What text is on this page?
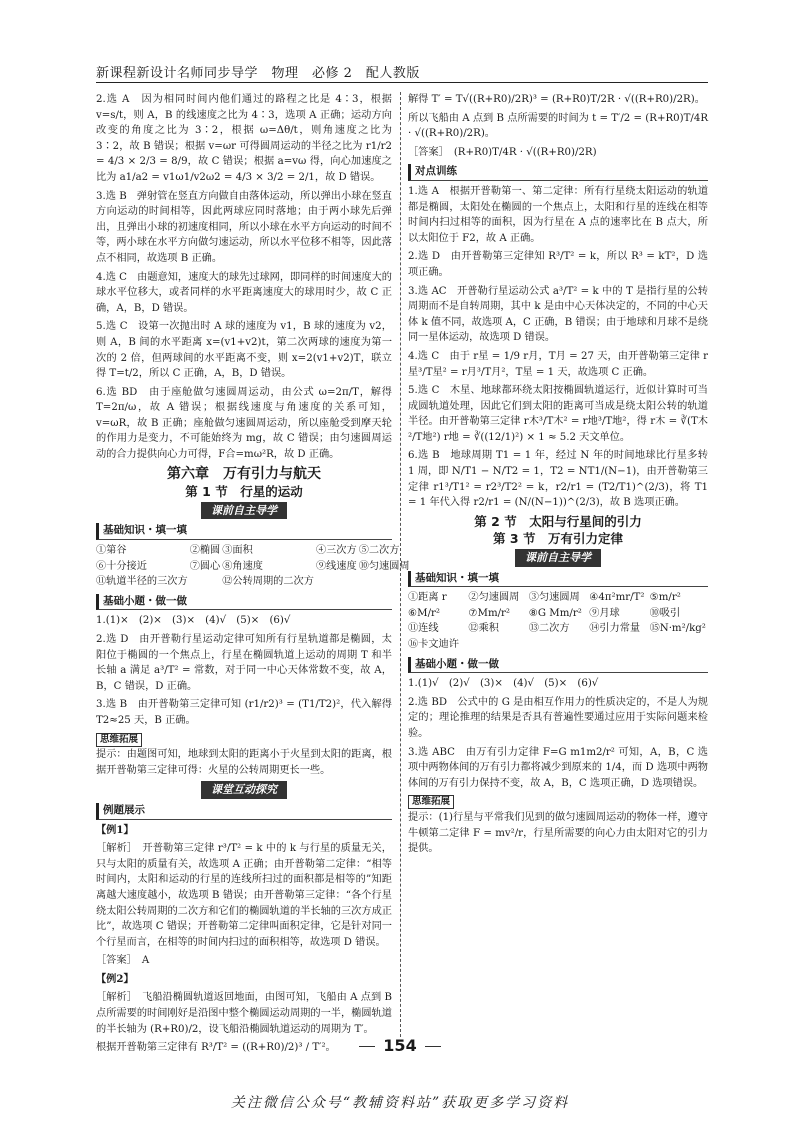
新课程新设计名师同步导学　物理　必修 2　配人教版

2.选 A　因为相同时间内他们通过的路程之比是 4∶3，根据 v=s/t，则 A，B 的线速度之比为 4∶3，选项 A 正确；运动方向改变的角度之比为 3∶2，根据 ω=Δθ/t，则角速度之比为 3∶2，故 B 错误；根据 v=ωr 可得圆周运动的半径之比为 r1/r2 = 4/3 × 2/3 = 8/9，故 C 错误；根据 a=vω 得，向心加速度之比为 a1/a2 = v1ω1/v2ω2 = 4/3 × 3/2 = 2/1，故 D 错误。

3.选 B　弹射管在竖直方向做自由落体运动，所以弹出小球在竖直方向运动的时间相等，因此两球应同时落地；由于两小球先后弹出，且弹出小球的初速度相同，所以小球在水平方向运动的时间不等，两小球在水平方向做匀速运动，所以水平位移不相等，因此落点不相同，故选项 B 正确。

4.选 C　由题意知，速度大的球先过球网，即同样的时间速度大的球水平位移大，或者同样的水平距离速度大的球用时少，故 C 正确，A，B，D 错误。

5.选 C　设第一次抛出时 A 球的速度为 v1，B 球的速度为 v2，则 A，B 间的水平距离 x=(v1+v2)t，第二次两球的速度为第一次的 2 倍，但两球间的水平距离不变，则 x=2(v1+v2)T，联立得 T=t/2，所以 C 正确，A，B，D 错误。

6.选 BD　由于座舱做匀速圆周运动，由公式 ω=2π/T，解得 T=2π/ω，故 A 错误；根据线速度与角速度的关系可知，v=ωR，故 B 正确；座舱做匀速圆周运动，所以座舱受到摩天轮的作用力是变力，不可能始终为 mg，故 C 错误；由匀速圆周运动的合力提供向心力可得，F合=mω²R，故 D 正确。

第六章　万有引力与航天
第 1 节　行星的运动
课前自主导学
基础知识・填一填
①第谷	②椭圆 ③面积	④三次方 ⑤二次方
⑥十分接近	⑦圆心 ⑧角速度	⑨线速度 ⑩匀速圆周
⑪轨道半径的三次方	⑫公转周期的二次方
基础小题・做一做

1.(1)×　(2)×　(3)×　(4)√　(5)×　(6)√

2.选 D　由开普勒行星运动定律可知所有行星轨道都是椭圆，太阳位于椭圆的一个焦点上，行星在椭圆轨道上运动的周期 T 和半长轴 a 满足 a³/T² = 常数，对于同一中心天体常数不变，故 A，B，C 错误，D 正确。

3.选 B　由开普勒第三定律可知 (r1/r2)³ = (T1/T2)²，代入解得 T2≈25 天，B 正确。

思维拓展

提示：由题图可知，地球到太阳的距离小于火星到太阳的距离，根据开普勒第三定律可得：火星的公转周期更长一些。

课堂互动探究
例题展示

【例1】

［解析］　开普勒第三定律 r³/T² = k 中的 k 与行星的质量无关，只与太阳的质量有关，故选项 A 正确；由开普勒第二定律：“相等时间内，太阳和运动的行星的连线所扫过的面积都是相等的”知距离越大速度越小，故选项 B 错误；由开普勒第三定律：“各个行星绕太阳公转周期的二次方和它们的椭圆轨道的半长轴的三次方成正比”，故选项 C 错误；开普勒第二定律叫面积定律，它是针对同一个行星而言，在相等的时间内扫过的面积相等，故选项 D 错误。

［答案］　A

【例2】

［解析］　飞船沿椭圆轨道返回地面，由图可知，飞船由 A 点到 B 点所需要的时间刚好是沿图中整个椭圆运动周期的一半，椭圆轨道的半长轴为 (R+R0)/2，设飞船沿椭圆轨道运动的周期为 T′。

根据开普勒第三定律有 R³/T² = ((R+R0)/2)³ / T′²。

解得 T′ = T√((R+R0)/2R)³ = (R+R0)T/2R · √((R+R0)/2R)。

所以飞船由 A 点到 B 点所需要的时间为 t = T′/2 = (R+R0)T/4R · √((R+R0)/2R)。

［答案］　(R+R0)T/4R · √((R+R0)/2R)

对点训练

1.选 A　根据开普勒第一、第二定律：所有行星绕太阳运动的轨道都是椭圆，太阳处在椭圆的一个焦点上，太阳和行星的连线在相等时间内扫过相等的面积，因为行星在 A 点的速率比在 B 点大，所以太阳位于 F2，故 A 正确。

2.选 D　由开普勒第三定律知 R³/T² = k，所以 R³ = kT²，D 选项正确。

3.选 AC　开普勒行星运动公式 a³/T² = k 中的 T 是指行星的公转周期而不是自转周期，其中 k 是由中心天体决定的，不同的中心天体 k 值不同，故选项 A，C 正确，B 错误；由于地球和月球不是绕同一星体运动，故选项 D 错误。

4.选 C　由于 r星 = 1/9 r月，T月 = 27 天，由开普勒第三定律 r星³/T星² = r月³/T月²，T星 = 1 天，故选项 C 正确。

5.选 C　木星、地球都环绕太阳按椭圆轨道运行，近似计算时可当成圆轨道处理，因此它们到太阳的距离可当成是绕太阳公转的轨道半径。由开普勒第三定律 r木³/T木² = r地³/T地²，得 r木 = ∛(T木²/T地²) r地 = ∛((12/1)²) × 1 ≈ 5.2 天文单位。

6.选 B　地球周期 T1 = 1 年，经过 N 年的时间地球比行星多转 1 周，即 N/T1 − N/T2 = 1，T2 = NT1/(N−1)，由开普勒第三定律 r1³/T1² = r2³/T2² = k，r2/r1 = (T2/T1)^(2/3)，将 T1 = 1 年代入得 r2/r1 = (N/(N−1))^(2/3)，故 B 选项正确。

第 2 节　太阳与行星间的引力
第 3 节　万有引力定律
课前自主导学
基础知识・填一填
①距离 r	②匀速圆周 ③匀速圆周 ④4π²mr/T² ⑤m/r²
⑥M/r²	⑦Mm/r²	⑧G Mm/r² ⑨月球	⑩吸引
⑪连线	⑫乘积	⑬二次方	⑭引力常量 ⑮N·m²/kg²
⑯卡文迪许
基础小题・做一做

1.(1)√　(2)√　(3)×　(4)√　(5)×　(6)√

2.选 BD　公式中的 G 是由相互作用力的性质决定的，不是人为规定的；理论推理的结果是否具有普遍性要通过应用于实际问题来检验。

3.选 ABC　由万有引力定律 F=G m1m2/r² 可知，A，B，C 选项中两物体间的万有引力都将减少到原来的 1/4，而 D 选项中两物体间的万有引力保持不变，故 A，B，C 选项正确，D 选项错误。

思维拓展

提示：(1)行星与平常我们见到的做匀速圆周运动的物体一样，遵守牛顿第二定律 F = mv²/r，行星所需要的向心力由太阳对它的引力提供。

154
关注微信公众号“教辅资料站”获取更多学习资料
